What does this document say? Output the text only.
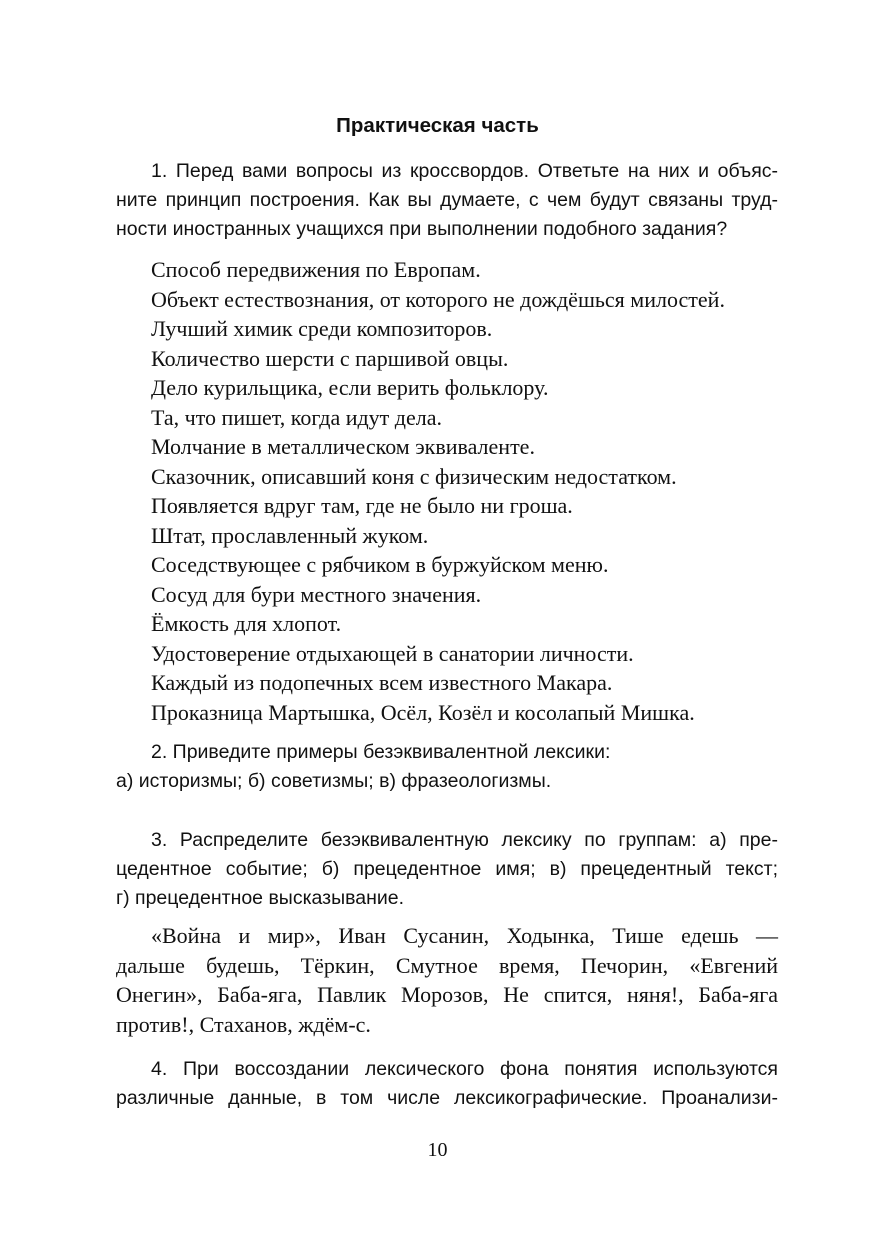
Практическая часть
1. Перед вами вопросы из кроссвордов. Ответьте на них и объяс-
ните принцип построения. Как вы думаете, с чем будут связаны труд-
ности иностранных учащихся при выполнении подобного задания?
Способ передвижения по Европам.
Объект естествознания, от которого не дождёшься милостей.
Лучший химик среди композиторов.
Количество шерсти с паршивой овцы.
Дело курильщика, если верить фольклору.
Та, что пишет, когда идут дела.
Молчание в металлическом эквиваленте.
Сказочник, описавший коня с физическим недостатком.
Появляется вдруг там, где не было ни гроша.
Штат, прославленный жуком.
Соседствующее с рябчиком в буржуйском меню.
Сосуд для бури местного значения.
Ёмкость для хлопот.
Удостоверение отдыхающей в санатории личности.
Каждый из подопечных всем известного Макара.
Проказница Мартышка, Осёл, Козёл и косолапый Мишка.
2. Приведите примеры безэквивалентной лексики:
а) историзмы; б) советизмы; в) фразеологизмы.
3. Распределите безэквивалентную лексику по группам: а) пре-
цедентное событие; б) прецедентное имя; в) прецедентный текст;
г) прецедентное высказывание.
«Война и мир», Иван Сусанин, Ходынка, Тише едешь —
дальше будешь, Тёркин, Смутное время, Печорин, «Евгений
Онегин», Баба-яга, Павлик Морозов, Не спится, няня!, Баба-яга
против!, Стаханов, ждём-с.
4. При воссоздании лексического фона понятия используются
различные данные, в том числе лексикографические. Проанализи-
10
